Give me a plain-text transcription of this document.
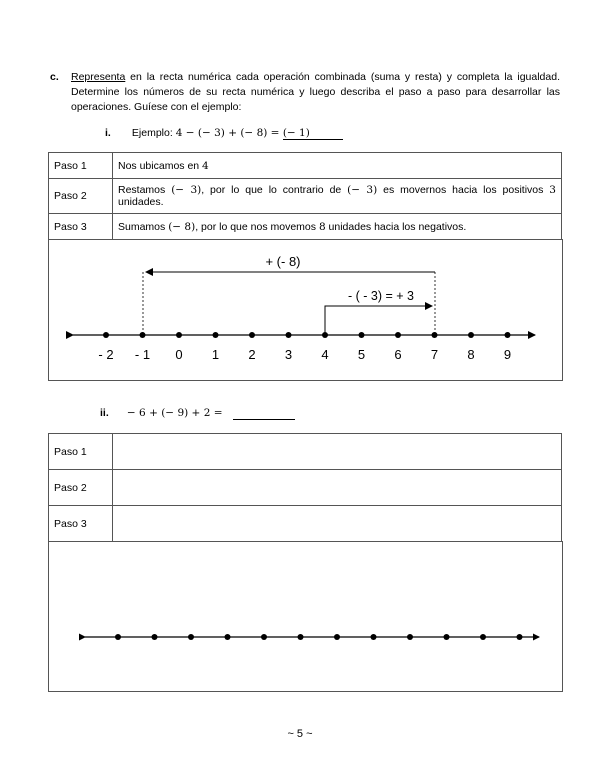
c. Representa en la recta numérica cada operación combinada (suma y resta) y completa la igualdad. Determine los números de su recta numérica y luego describa el paso a paso para desarrollar las operaciones. Guíese con el ejemplo:
i. Ejemplo: 4 − (− 3) + (− 8) = (− 1)
Paso 1	Nos ubicamos en 4
Paso 2	Restamos (− 3), por lo que lo contrario de (− 3) es movernos hacia los positivos 3 unidades.
Paso 3	Sumamos (− 8), por lo que nos movemos 8 unidades hacia los negativos.
- 2 - 1 0 1 2 3 4 5 6 7 8 9
+ (- 8)
- ( - 3) = + 3
ii. − 6 + (− 9) + 2 =
Paso 1	
Paso 2	
Paso 3	
~ 5 ~
